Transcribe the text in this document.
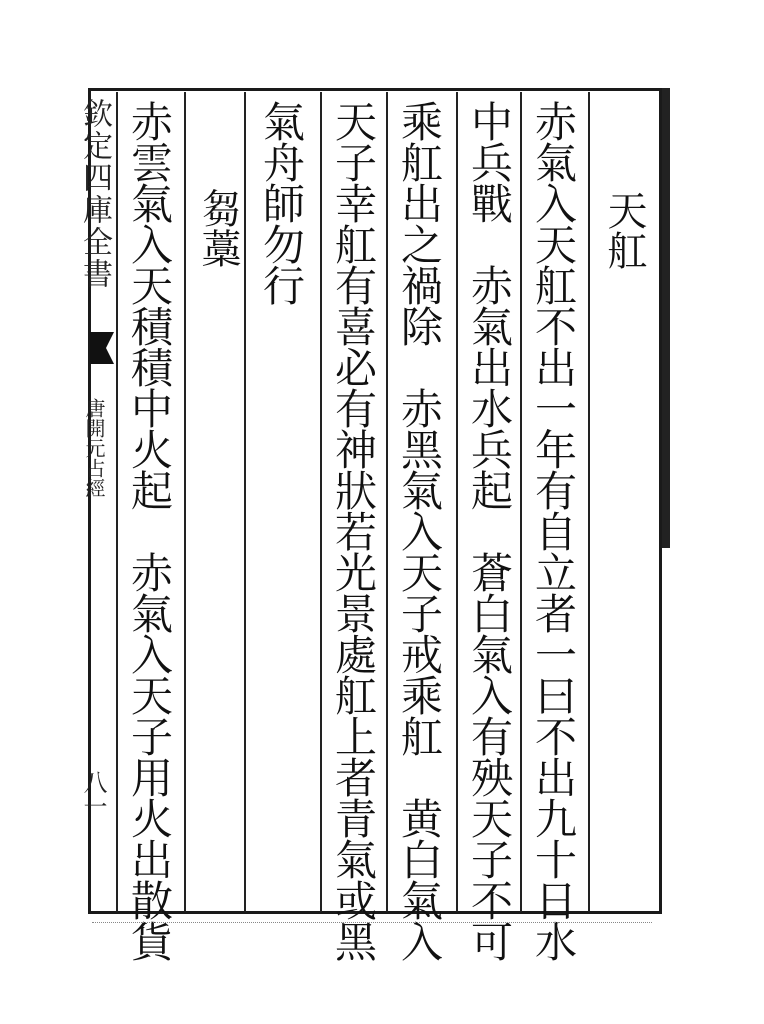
天舡
赤氣入天舡不出一年有自立者一曰不出九十日水
中兵戰　赤氣出水兵起　蒼白氣入有殃天子不可
乘舡出之禍除　赤黑氣入天子戒乘舡　黄白氣入
天子幸舡有喜必有神狀若光景處舡上者青氣或黑
氣舟師勿行
芻藁
赤雲氣入天積積中火起　赤氣入天子用火出散貨
欽定四庫全書
唐開元占經
八一
